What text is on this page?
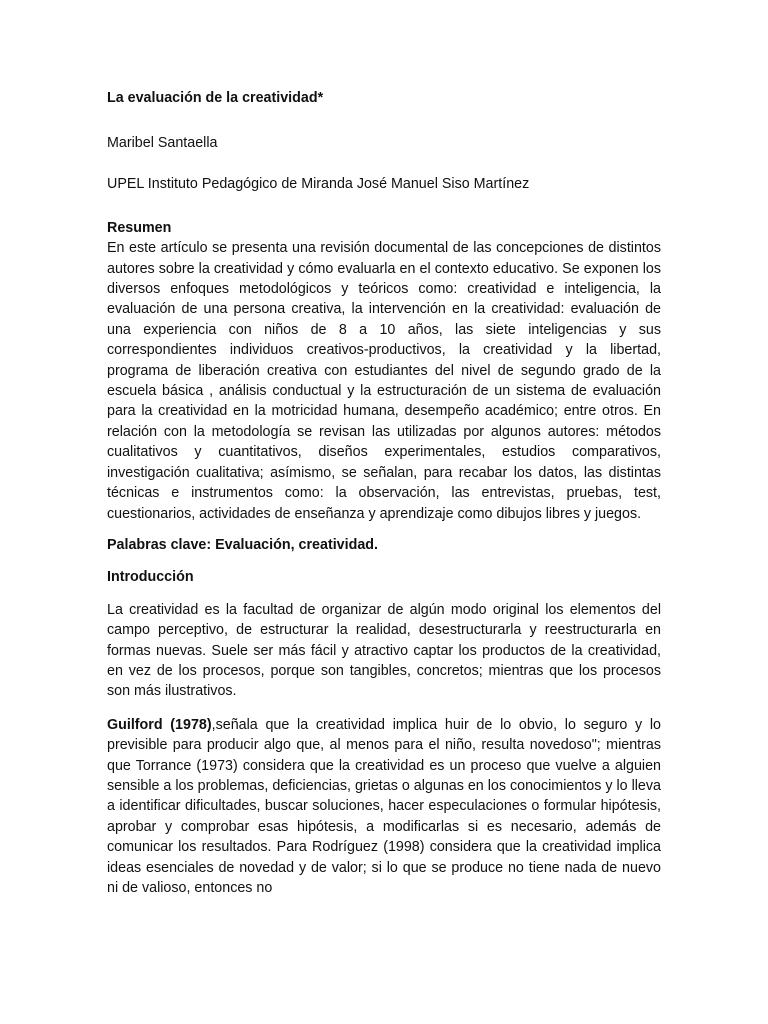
La evaluación de la creatividad*

Maribel Santaella

UPEL Instituto Pedagógico de Miranda José Manuel Siso Martínez

Resumen

En este artículo se presenta una revisión documental de las concepciones de distintos autores sobre la creatividad y cómo evaluarla en el contexto educativo. Se exponen los diversos enfoques metodológicos y teóricos como: creatividad e inteligencia, la evaluación de una persona creativa, la intervención en la creatividad: evaluación de una experiencia con niños de 8 a 10 años, las siete inteligencias y sus correspondientes individuos creativos-productivos, la creatividad y la libertad, programa de liberación creativa con estudiantes del nivel de segundo grado de la escuela básica , análisis conductual y la estructuración de un sistema de evaluación para la creatividad en la motricidad humana, desempeño académico; entre otros. En relación con la metodología se revisan las utilizadas por algunos autores: métodos cualitativos y cuantitativos, diseños experimentales, estudios comparativos, investigación cualitativa; asímismo, se señalan, para recabar los datos, las distintas técnicas e instrumentos como: la observación, las entrevistas, pruebas, test, cuestionarios, actividades de enseñanza y aprendizaje como dibujos libres y juegos.

Palabras clave: Evaluación, creatividad.

Introducción

La creatividad es la facultad de organizar de algún modo original los elementos del campo perceptivo, de estructurar la realidad, desestructurarla y reestructurarla en formas nuevas. Suele ser más fácil y atractivo captar los productos de la creatividad, en vez de los procesos, porque son tangibles, concretos; mientras que los procesos son más ilustrativos.

Guilford (1978),señala que la creatividad implica huir de lo obvio, lo seguro y lo previsible para producir algo que, al menos para el niño, resulta novedoso"; mientras que Torrance (1973) considera que la creatividad es un proceso que vuelve a alguien sensible a los problemas, deficiencias, grietas o algunas en los conocimientos y lo lleva a identificar dificultades, buscar soluciones, hacer especulaciones o formular hipótesis, aprobar y comprobar esas hipótesis, a modificarlas si es necesario, además de comunicar los resultados. Para Rodríguez (1998) considera que la creatividad implica ideas esenciales de novedad y de valor; si lo que se produce no tiene nada de nuevo ni de valioso, entonces no
